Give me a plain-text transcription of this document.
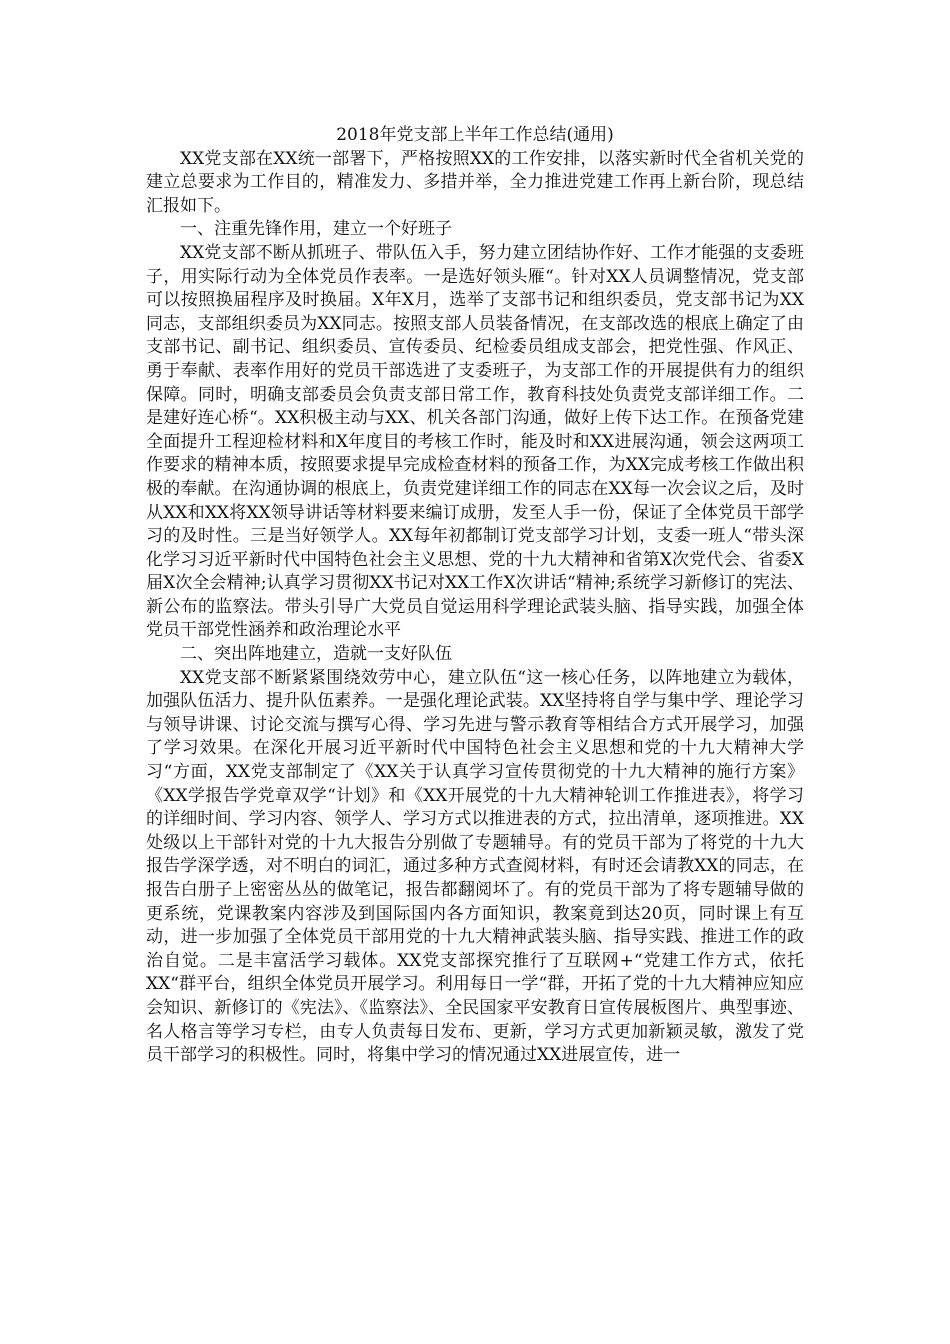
2018年党支部上半年工作总结(通用)

XX党支部在XX统一部署下，严格按照XX的工作安排，以落实新时代全省机关党的建立总要求为工作目的，精准发力、多措并举，全力推进党建工作再上新台阶，现总结汇报如下。

一、注重先锋作用，建立一个好班子

XX党支部不断从抓班子、带队伍入手，努力建立团结协作好、工作才能强的支委班子，用实际行动为全体党员作表率。一是选好领头雁“。针对XX人员调整情况，党支部可以按照换届程序及时换届。X年X月，选举了支部书记和组织委员，党支部书记为XX同志，支部组织委员为XX同志。按照支部人员装备情况，在支部改选的根底上确定了由支部书记、副书记、组织委员、宣传委员、纪检委员组成支部会，把党性强、作风正、勇于奉献、表率作用好的党员干部选进了支委班子，为支部工作的开展提供有力的组织保障。同时，明确支部委员会负责支部日常工作，教育科技处负责党支部详细工作。二是建好连心桥“。XX积极主动与XX、机关各部门沟通，做好上传下达工作。在预备党建全面提升工程迎检材料和X年度目的考核工作时，能及时和XX进展沟通，领会这两项工作要求的精神本质，按照要求提早完成检查材料的预备工作，为XX完成考核工作做出积极的奉献。在沟通协调的根底上，负责党建详细工作的同志在XX每一次会议之后，及时从XX和XX将XX领导讲话等材料要来编订成册，发至人手一份，保证了全体党员干部学习的及时性。三是当好领学人。XX每年初都制订党支部学习计划，支委一班人“带头深化学习习近平新时代中国特色社会主义思想、党的十九大精神和省第X次党代会、省委X届X次全会精神;认真学习贯彻XX书记对XX工作X次讲话“精神;系统学习新修订的宪法、新公布的监察法。带头引导广大党员自觉运用科学理论武装头脑、指导实践，加强全体党员干部党性涵养和政治理论水平

二、突出阵地建立，造就一支好队伍

XX党支部不断紧紧围绕效劳中心，建立队伍“这一核心任务，以阵地建立为载体，加强队伍活力、提升队伍素养。一是强化理论武装。XX坚持将自学与集中学、理论学习与领导讲课、讨论交流与撰写心得、学习先进与警示教育等相结合方式开展学习，加强了学习效果。在深化开展习近平新时代中国特色社会主义思想和党的十九大精神大学习“方面，XX党支部制定了《XX关于认真学习宣传贯彻党的十九大精神的施行方案》《XX学报告学党章双学“计划》和《XX开展党的十九大精神轮训工作推进表》，将学习的详细时间、学习内容、领学人、学习方式以推进表的方式，拉出清单，逐项推进。XX处级以上干部针对党的十九大报告分别做了专题辅导。有的党员干部为了将党的十九大报告学深学透，对不明白的词汇，通过多种方式查阅材料，有时还会请教XX的同志，在报告白册子上密密丛丛的做笔记，报告都翻阅坏了。有的党员干部为了将专题辅导做的更系统，党课教案内容涉及到国际国内各方面知识，教案竟到达20页，同时课上有互动，进一步加强了全体党员干部用党的十九大精神武装头脑、指导实践、推进工作的政治自觉。二是丰富活学习载体。XX党支部探究推行了互联网+“党建工作方式，依托XX“群平台，组织全体党员开展学习。利用每日一学“群，开拓了党的十九大精神应知应会知识、新修订的《宪法》、《监察法》、全民国家平安教育日宣传展板图片、典型事迹、名人格言等学习专栏，由专人负责每日发布、更新，学习方式更加新颖灵敏，激发了党员干部学习的积极性。同时，将集中学习的情况通过XX进展宣传，进一
